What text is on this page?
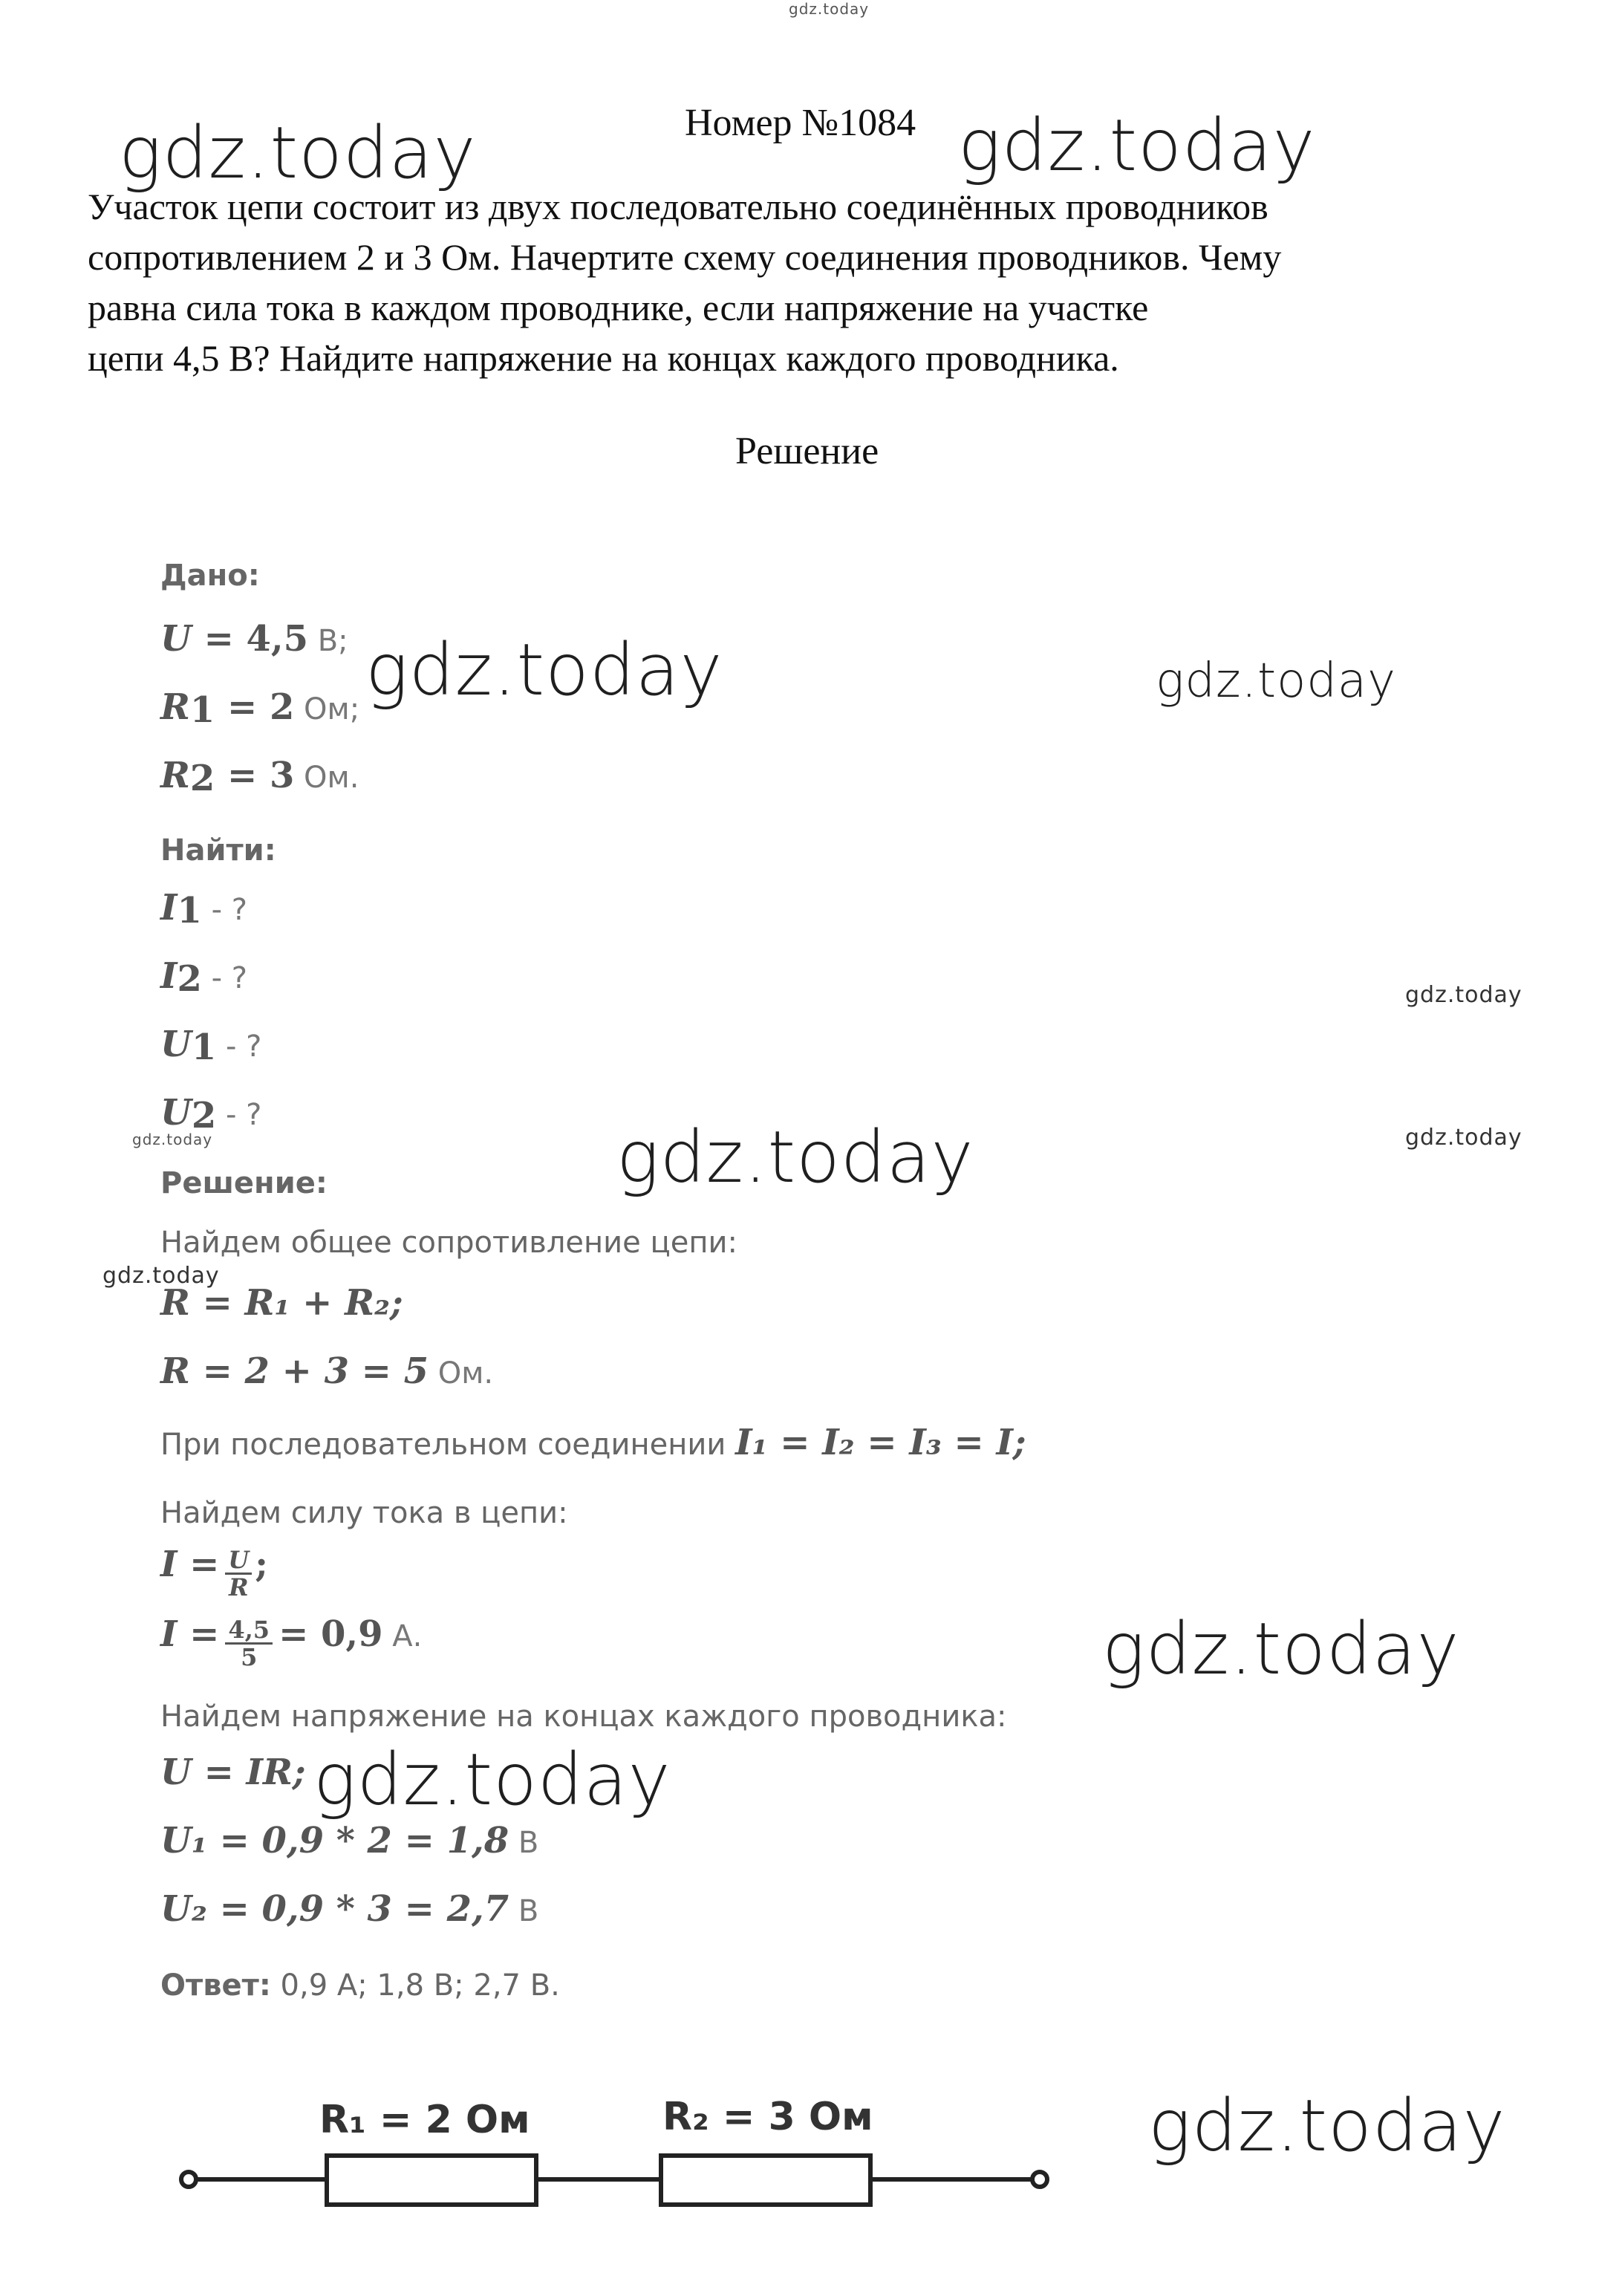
gdz.today
gdz.today	gdz.today
gdz.today	gdz.today
gdz.today
gdz.today	gdz.today	gdz.today
gdz.today
gdz.today
gdz.today
gdz.today
Номер №1084
Участок цепи состоит из двух последовательно соединённых проводников
сопротивлением 2 и 3 Ом. Начертите схему соединения проводников. Чему
равна сила тока в каждом проводнике, если напряжение на участке
цепи 4,5 В? Найдите напряжение на концах каждого проводника.
Решение
Дано:
U = 4,5 В;
$R_1 = 2$ Ом;
$R_2 = 3$ Ом.
Найти:
$I_1$ - ?
$I_2$ - ?
$U_1$ - ?
$U_2$ - ?
Решение:
Найдем общее сопротивление цепи:
R = R₁ + R₂;
R = 2 + 3 = 5 Ом.
При последовательном соединении I₁ = I₂ = I₃ = I;
Найдем силу тока в цепи:
$I = \frac{U}{R}$ ;
$I = \frac{4,5}{5} = 0,9$ А.
Найдем напряжение на концах каждого проводника:
U = IR;
U₁ = 0,9 * 2 = 1,8 В
U₂ = 0,9 * 3 = 2,7 В
Ответ: 0,9 А; 1,8 В; 2,7 В.
R₁ = 2 Ом	R₂ = 3 Ом
